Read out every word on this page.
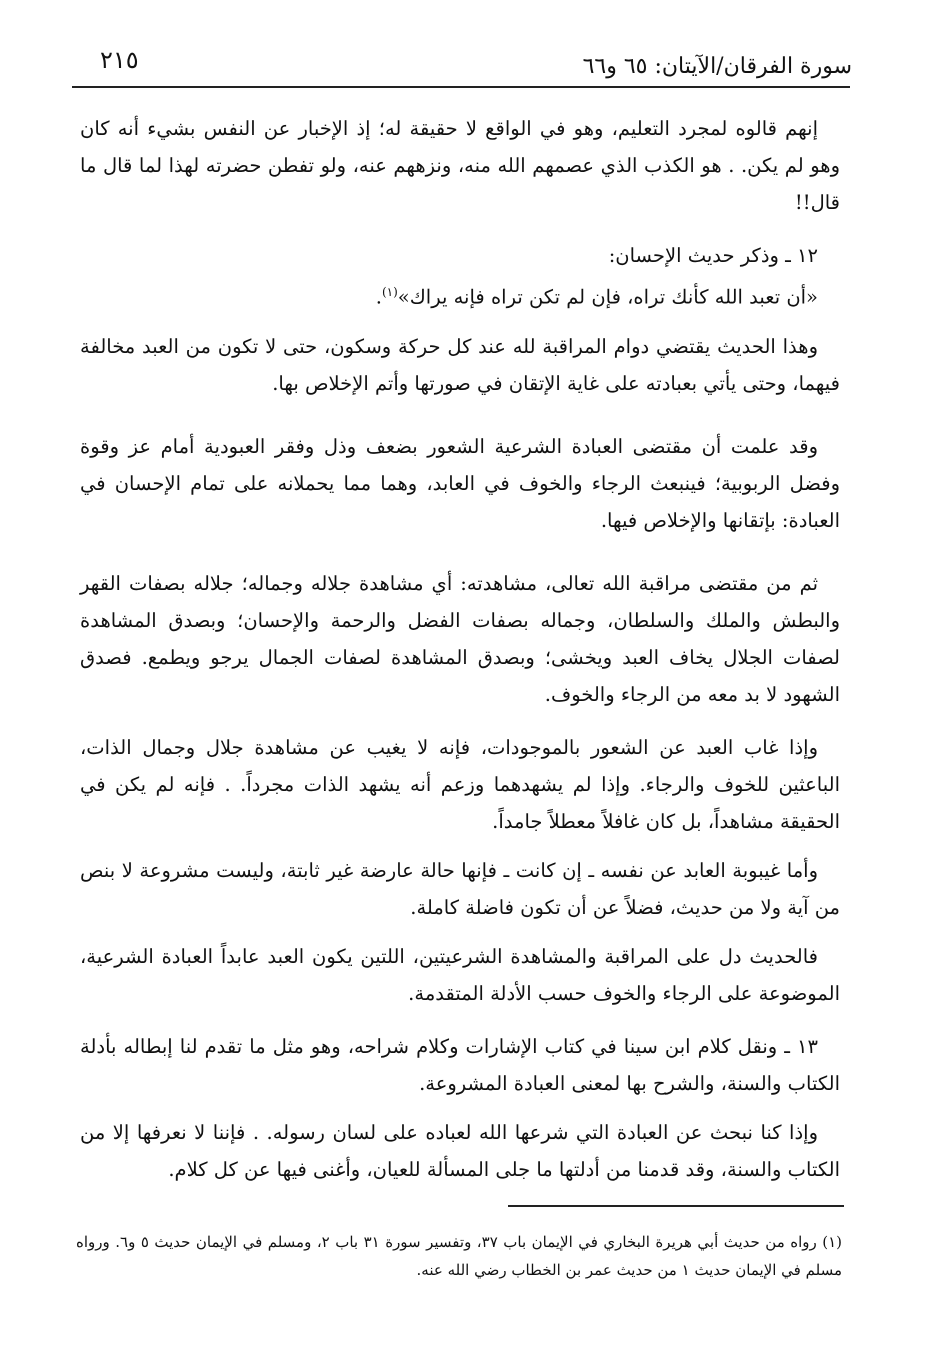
سورة الفرقان/الآيتان: ٦٥ و٦٦
٢١٥

إنهم قالوه لمجرد التعليم، وهو في الواقع لا حقيقة له؛ إذ الإخبار عن النفس بشيء أنه كان وهو لم يكن. . هو الكذب الذي عصمهم الله منه، ونزههم عنه، ولو تفطن حضرته لهذا لما قال ما قال!!

١٢ ـ وذكر حديث الإحسان:

«أن تعبد الله كأنك تراه، فإن لم تكن تراه فإنه يراك»$^{(١)}$.

وهذا الحديث يقتضي دوام المراقبة لله عند كل حركة وسكون، حتى لا تكون من العبد مخالفة فيهما، وحتى يأتي بعبادته على غاية الإتقان في صورتها وأتم الإخلاص بها.

وقد علمت أن مقتضى العبادة الشرعية الشعور بضعف وذل وفقر العبودية أمام عز وقوة وفضل الربوبية؛ فينبعث الرجاء والخوف في العابد، وهما مما يحملانه على تمام الإحسان في العبادة: بإتقانها والإخلاص فيها.

ثم من مقتضى مراقبة الله تعالى، مشاهدته: أي مشاهدة جلاله وجماله؛ جلاله بصفات القهر والبطش والملك والسلطان، وجماله بصفات الفضل والرحمة والإحسان؛ وبصدق المشاهدة لصفات الجلال يخاف العبد ويخشى؛ وبصدق المشاهدة لصفات الجمال يرجو ويطمع. فصدق الشهود لا بد معه من الرجاء والخوف.

وإذا غاب العبد عن الشعور بالموجودات، فإنه لا يغيب عن مشاهدة جلال وجمال الذات، الباعثين للخوف والرجاء. وإذا لم يشهدهما وزعم أنه يشهد الذات مجرداً. . فإنه لم يكن في الحقيقة مشاهداً، بل كان غافلاً معطلاً جامداً.

وأما غيبوبة العابد عن نفسه ـ إن كانت ـ فإنها حالة عارضة غير ثابتة، وليست مشروعة لا بنص من آية ولا من حديث، فضلاً عن أن تكون فاضلة كاملة.

فالحديث دل على المراقبة والمشاهدة الشرعيتين، اللتين يكون العبد عابداً العبادة الشرعية، الموضوعة على الرجاء والخوف حسب الأدلة المتقدمة.

١٣ ـ ونقل كلام ابن سينا في كتاب الإشارات وكلام شراحه، وهو مثل ما تقدم لنا إبطاله بأدلة الكتاب والسنة، والشرح بها لمعنى العبادة المشروعة.

وإذا كنا نبحث عن العبادة التي شرعها الله لعباده على لسان رسوله. . فإننا لا نعرفها إلا من الكتاب والسنة، وقد قدمنا من أدلتها ما جلى المسألة للعيان، وأغنى فيها عن كل كلام.

(١) رواه من حديث أبي هريرة البخاري في الإيمان باب ٣٧، وتفسير سورة ٣١ باب ٢، ومسلم في الإيمان حديث ٥ و٦. ورواه مسلم في الإيمان حديث ١ من حديث عمر بن الخطاب رضي الله عنه.
